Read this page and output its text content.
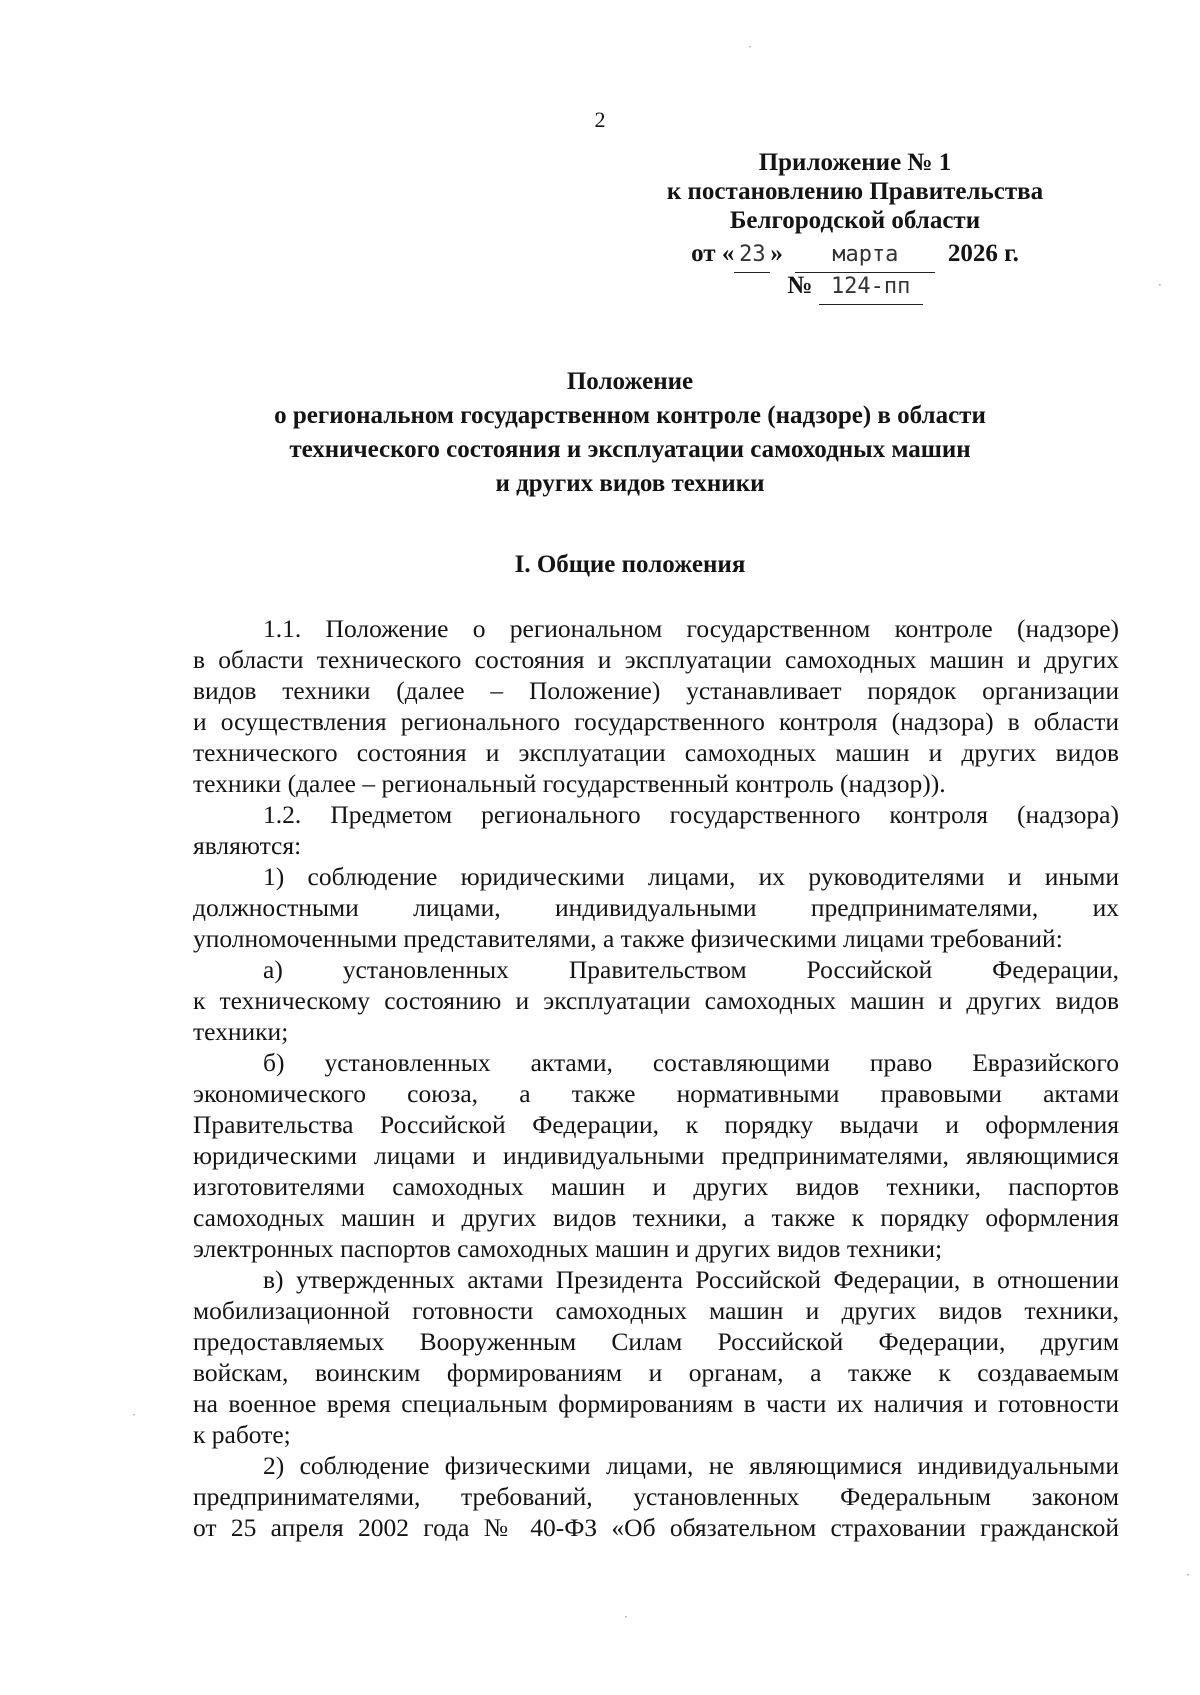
2
Приложение № 1
к постановлению Правительства
Белгородской области
от « 23 » марта 2026 г.
№ 124-пп
Положение
о региональном государственном контроле (надзоре) в области
технического состояния и эксплуатации самоходных машин
и других видов техники
I. Общие положения
1.1. Положение о региональном государственном контроле (надзоре)
в области технического состояния и эксплуатации самоходных машин и других
видов техники (далее – Положение) устанавливает порядок организации
и осуществления регионального государственного контроля (надзора) в области
технического состояния и эксплуатации самоходных машин и других видов
техники (далее – региональный государственный контроль (надзор)).
1.2. Предметом регионального государственного контроля (надзора)
являются:
1) соблюдение юридическими лицами, их руководителями и иными
должностными лицами, индивидуальными предпринимателями, их
уполномоченными представителями, а также физическими лицами требований:
а) установленных Правительством Российской Федерации,
к техническому состоянию и эксплуатации самоходных машин и других видов
техники;
б) установленных актами, составляющими право Евразийского
экономического союза, а также нормативными правовыми актами
Правительства Российской Федерации, к порядку выдачи и оформления
юридическими лицами и индивидуальными предпринимателями, являющимися
изготовителями самоходных машин и других видов техники, паспортов
самоходных машин и других видов техники, а также к порядку оформления
электронных паспортов самоходных машин и других видов техники;
в) утвержденных актами Президента Российской Федерации, в отношении
мобилизационной готовности самоходных машин и других видов техники,
предоставляемых Вооруженным Силам Российской Федерации, другим
войскам, воинским формированиям и органам, а также к создаваемым
на военное время специальным формированиям в части их наличия и готовности
к работе;
2) соблюдение физическими лицами, не являющимися индивидуальными
предпринимателями, требований, установленных Федеральным законом
от 25 апреля 2002 года № 40-ФЗ «Об обязательном страховании гражданской
·
·
·
·
·
